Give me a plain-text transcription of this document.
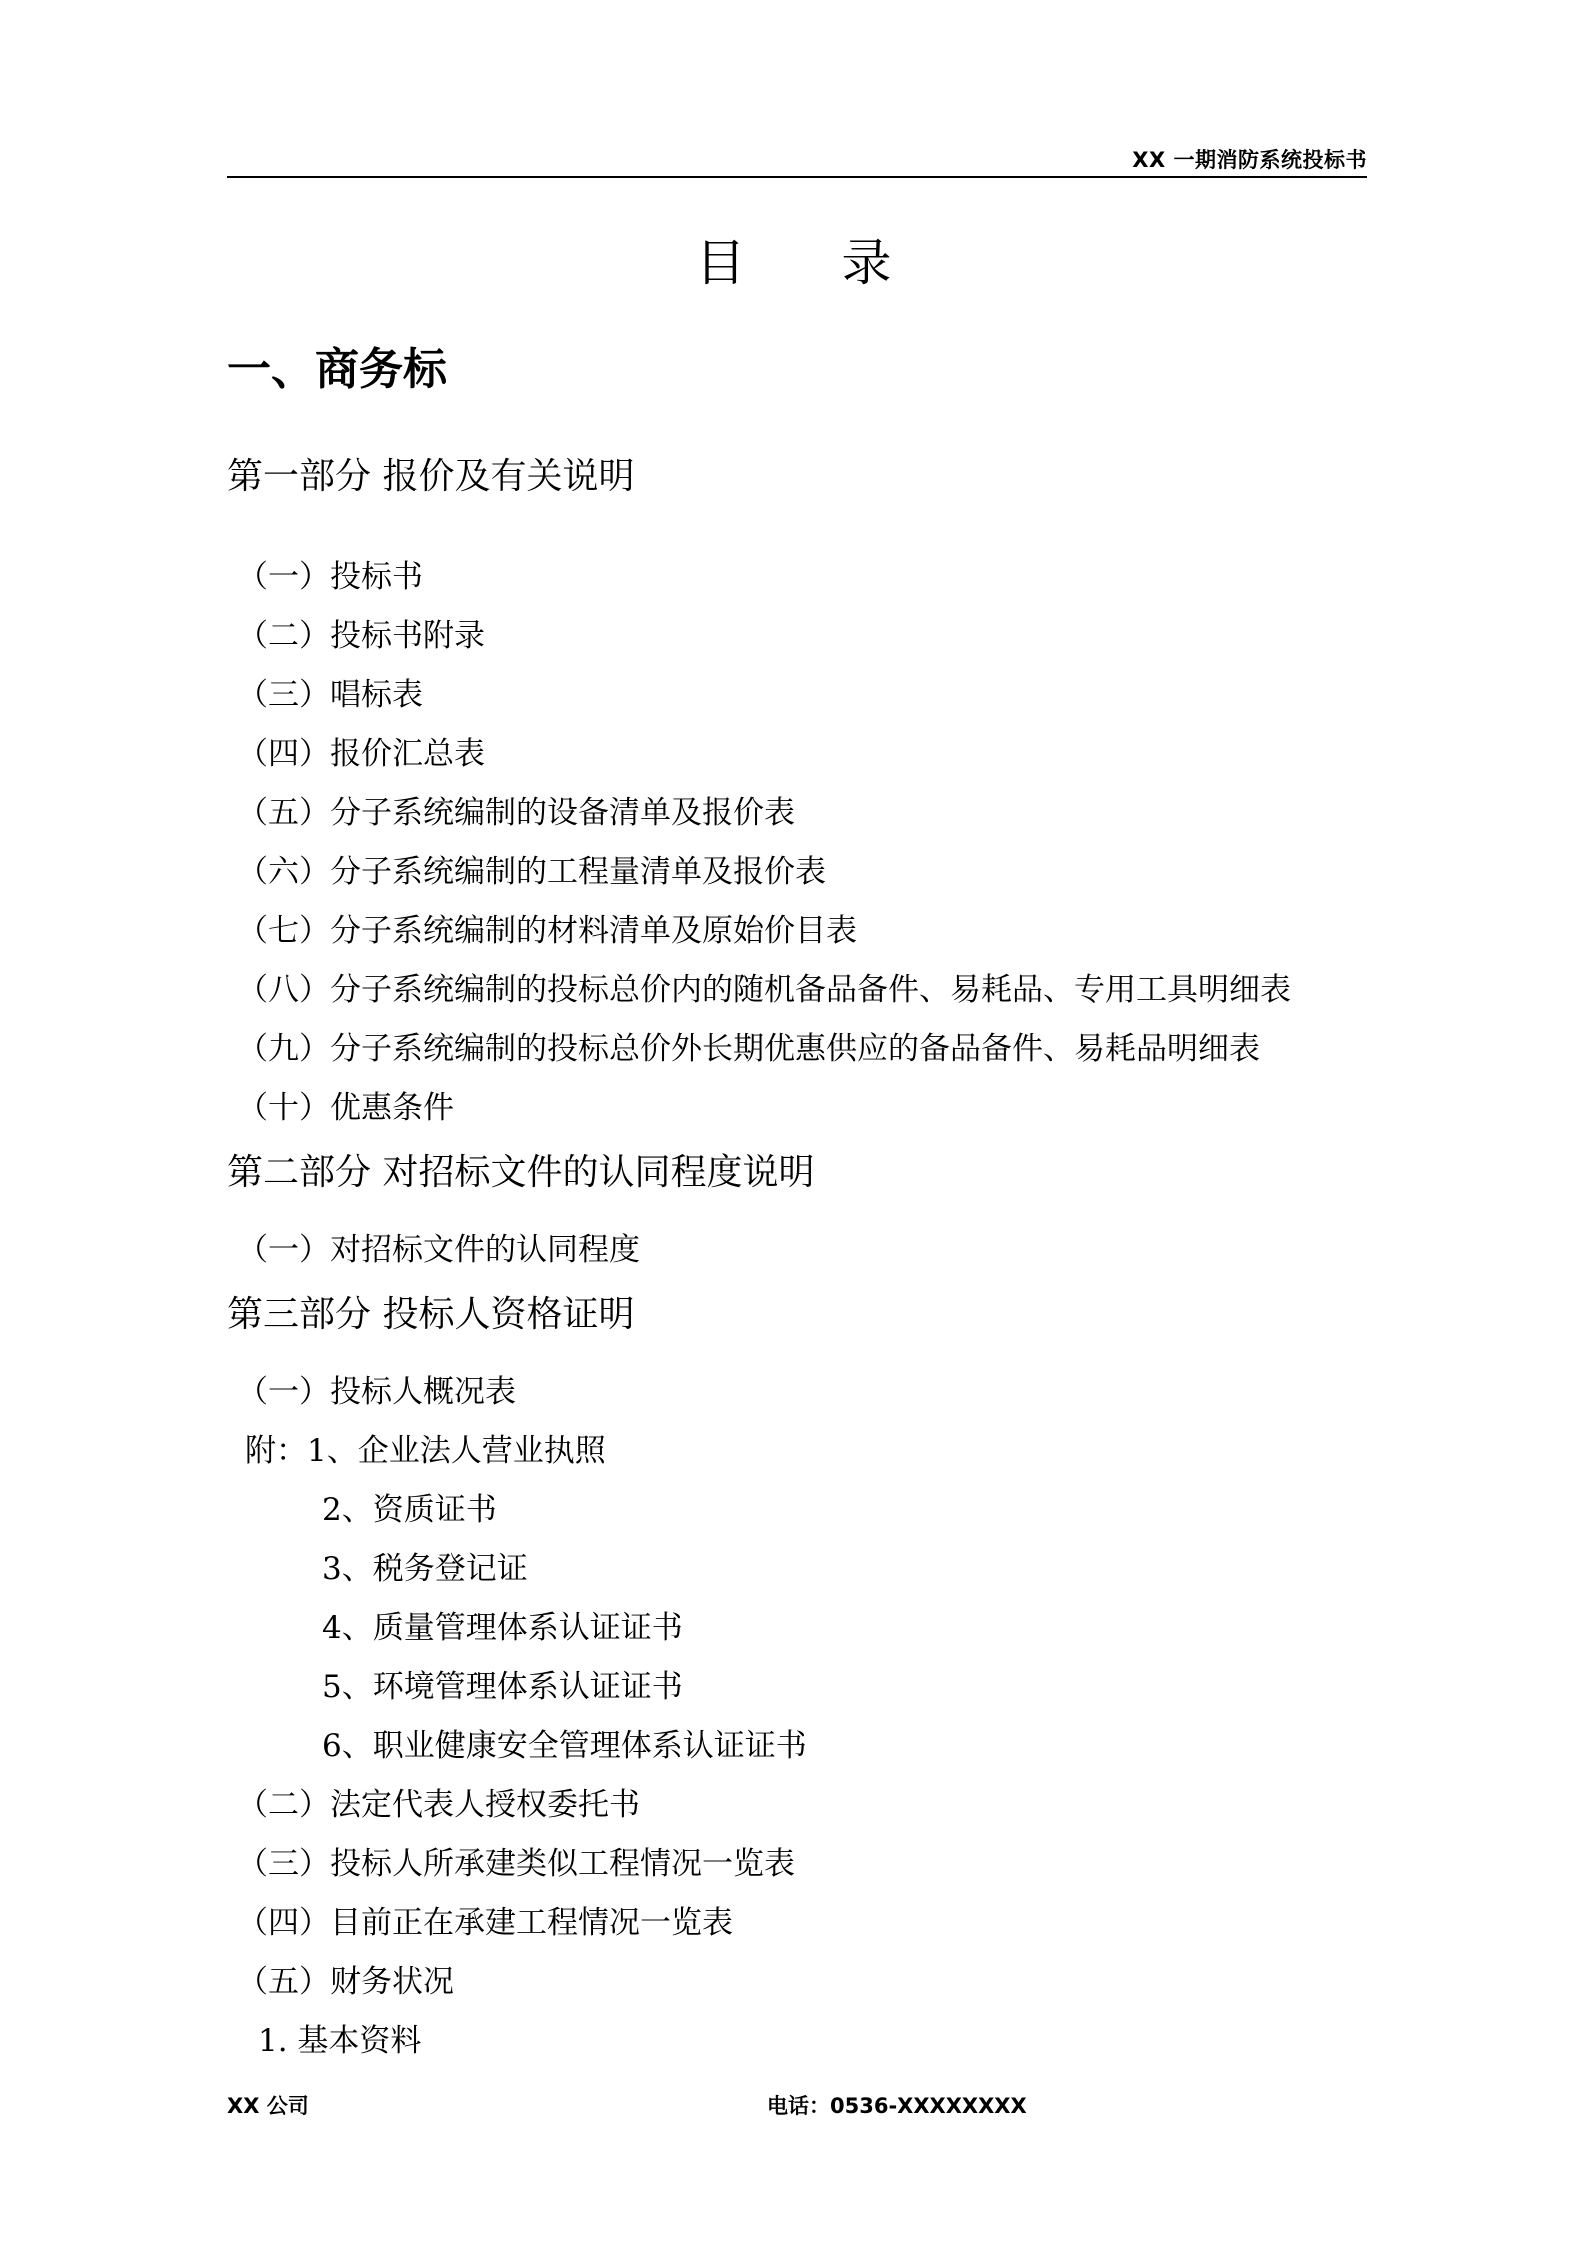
XX 一期消防系统投标书
目 录
一、商务标
第一部分 报价及有关说明
（一）投标书
（二）投标书附录
（三）唱标表
（四）报价汇总表
（五）分子系统编制的设备清单及报价表
（六）分子系统编制的工程量清单及报价表
（七）分子系统编制的材料清单及原始价目表
（八）分子系统编制的投标总价内的随机备品备件、易耗品、专用工具明细表
（九）分子系统编制的投标总价外长期优惠供应的备品备件、易耗品明细表
（十）优惠条件
第二部分 对招标文件的认同程度说明
（一）对招标文件的认同程度
第三部分 投标人资格证明
（一）投标人概况表
附：1、企业法人营业执照
2、资质证书
3、税务登记证
4、质量管理体系认证证书
5、环境管理体系认证证书
6、职业健康安全管理体系认证证书
（二）法定代表人授权委托书
（三）投标人所承建类似工程情况一览表
（四）目前正在承建工程情况一览表
（五）财务状况
1. 基本资料
XX 公司	电话：0536-XXXXXXXX
